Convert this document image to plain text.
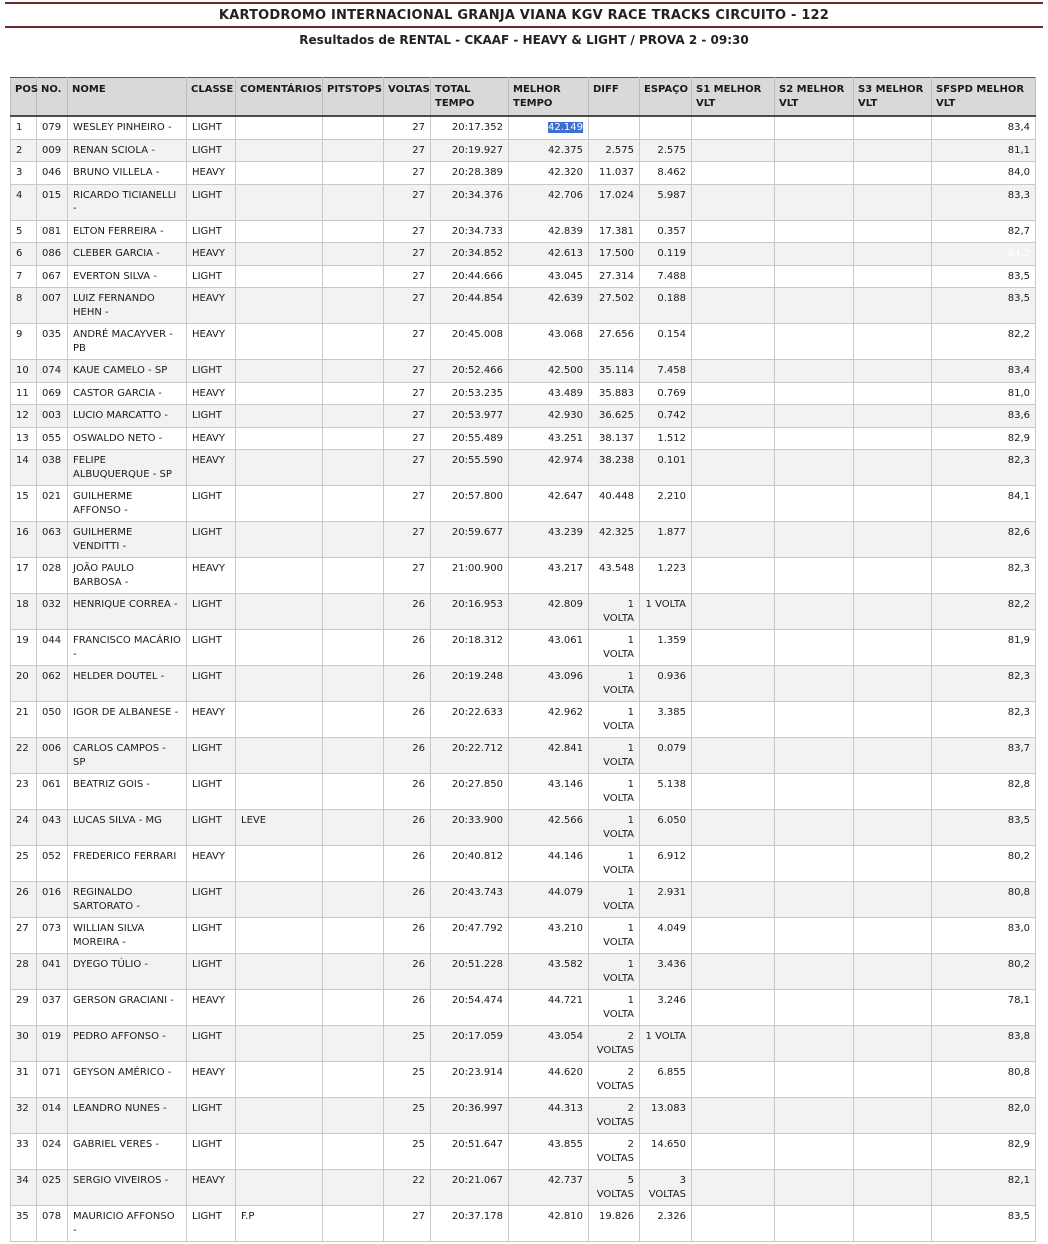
KARTODROMO INTERNACIONAL GRANJA VIANA KGV RACE TRACKS CIRCUITO - 122
Resultados de RENTAL - CKAAF - HEAVY & LIGHT / PROVA 2 - 09:30
POS	NO.	NOME	CLASSE	COMENTÁRIOS	PITSTOPS	VOLTAS	TOTAL TEMPO	MELHOR TEMPO	DIFF	ESPAÇO	S1 MELHOR VLT	S2 MELHOR VLT	S3 MELHOR VLT	SFSPD MELHOR VLT
1	079	WESLEY PINHEIRO -	LIGHT			27	20:17.352	42.149						83,4
2	009	RENAN SCIOLA -	LIGHT			27	20:19.927	42.375	2.575	2.575				81,1
3	046	BRUNO VILLELA -	HEAVY			27	20:28.389	42.320	11.037	8.462				84,0
4	015	RICARDO TICIANELLI -	LIGHT			27	20:34.376	42.706	17.024	5.987				83,3
5	081	ELTON FERREIRA -	LIGHT			27	20:34.733	42.839	17.381	0.357				82,7
6	086	CLEBER GARCIA -	HEAVY			27	20:34.852	42.613	17.500	0.119				84,2
7	067	EVERTON SILVA -	LIGHT			27	20:44.666	43.045	27.314	7.488				83,5
8	007	LUIZ FERNANDO HEHN -	HEAVY			27	20:44.854	42.639	27.502	0.188				83,5
9	035	ANDRÉ MACAYVER - PB	HEAVY			27	20:45.008	43.068	27.656	0.154				82,2
10	074	KAUE CAMELO - SP	LIGHT			27	20:52.466	42.500	35.114	7.458				83,4
11	069	CASTOR GARCIA -	HEAVY			27	20:53.235	43.489	35.883	0.769				81,0
12	003	LUCIO MARCATTO -	LIGHT			27	20:53.977	42.930	36.625	0.742				83,6
13	055	OSWALDO NETO -	HEAVY			27	20:55.489	43.251	38.137	1.512				82,9
14	038	FELIPE ALBUQUERQUE - SP	HEAVY			27	20:55.590	42.974	38.238	0.101				82,3
15	021	GUILHERME AFFONSO -	LIGHT			27	20:57.800	42.647	40.448	2.210				84,1
16	063	GUILHERME VENDITTI -	LIGHT			27	20:59.677	43.239	42.325	1.877				82,6
17	028	JOÃO PAULO BARBOSA -	HEAVY			27	21:00.900	43.217	43.548	1.223				82,3
18	032	HENRIQUE CORREA -	LIGHT			26	20:16.953	42.809	1 VOLTA	1 VOLTA				82,2
19	044	FRANCISCO MACÁRIO -	LIGHT			26	20:18.312	43.061	1 VOLTA	1.359				81,9
20	062	HELDER DOUTEL -	LIGHT			26	20:19.248	43.096	1 VOLTA	0.936				82,3
21	050	IGOR DE ALBANESE -	HEAVY			26	20:22.633	42.962	1 VOLTA	3.385				82,3
22	006	CARLOS CAMPOS - SP	LIGHT			26	20:22.712	42.841	1 VOLTA	0.079				83,7
23	061	BEATRIZ GOIS -	LIGHT			26	20:27.850	43.146	1 VOLTA	5.138				82,8
24	043	LUCAS SILVA - MG	LIGHT	LEVE		26	20:33.900	42.566	1 VOLTA	6.050				83,5
25	052	FREDERICO FERRARI	HEAVY			26	20:40.812	44.146	1 VOLTA	6.912				80,2
26	016	REGINALDO SARTORATO -	LIGHT			26	20:43.743	44.079	1 VOLTA	2.931				80,8
27	073	WILLIAN SILVA MOREIRA -	LIGHT			26	20:47.792	43.210	1 VOLTA	4.049				83,0
28	041	DYEGO TÚLIO -	LIGHT			26	20:51.228	43.582	1 VOLTA	3.436				80,2
29	037	GERSON GRACIANI -	HEAVY			26	20:54.474	44.721	1 VOLTA	3.246				78,1
30	019	PEDRO AFFONSO -	LIGHT			25	20:17.059	43.054	2 VOLTAS	1 VOLTA				83,8
31	071	GEYSON AMÉRICO -	HEAVY			25	20:23.914	44.620	2 VOLTAS	6.855				80,8
32	014	LEANDRO NUNES -	LIGHT			25	20:36.997	44.313	2 VOLTAS	13.083				82,0
33	024	GABRIEL VERES -	LIGHT			25	20:51.647	43.855	2 VOLTAS	14.650				82,9
34	025	SERGIO VIVEIROS -	HEAVY			22	20:21.067	42.737	5 VOLTAS	3 VOLTAS				82,1
35	078	MAURICIO AFFONSO -	LIGHT	F.P		27	20:37.178	42.810	19.826	2.326				83,5
